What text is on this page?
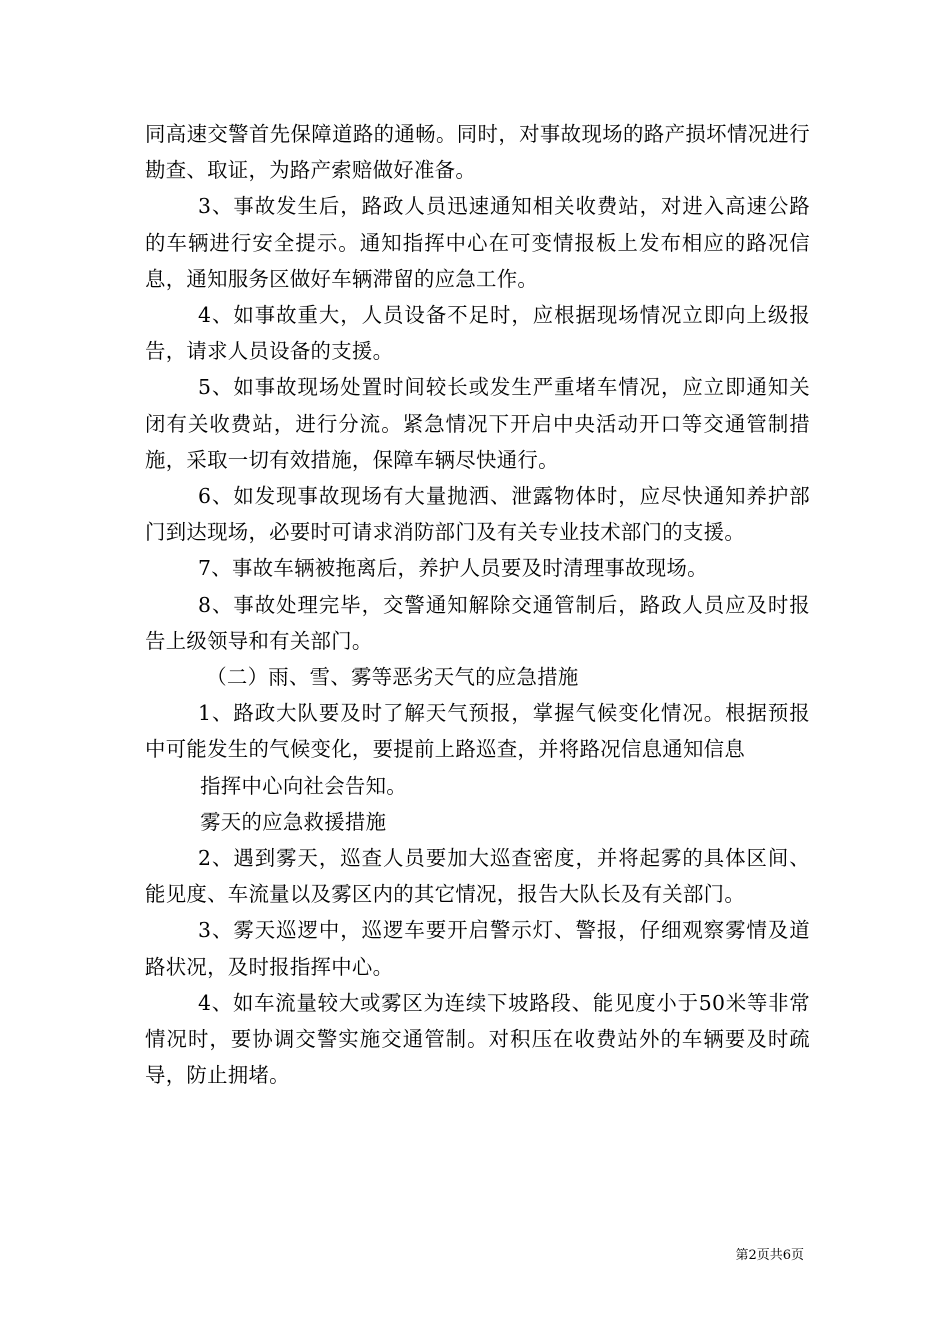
同高速交警首先保障道路的通畅。同时，对事故现场的路产损坏情况进行勘查、取证，为路产索赔做好准备。

3、事故发生后，路政人员迅速通知相关收费站，对进入高速公路的车辆进行安全提示。通知指挥中心在可变情报板上发布相应的路况信息，通知服务区做好车辆滞留的应急工作。

4、如事故重大，人员设备不足时，应根据现场情况立即向上级报告，请求人员设备的支援。

5、如事故现场处置时间较长或发生严重堵车情况，应立即通知关闭有关收费站，进行分流。紧急情况下开启中央活动开口等交通管制措施，采取一切有效措施，保障车辆尽快通行。

6、如发现事故现场有大量抛洒、泄露物体时，应尽快通知养护部门到达现场，必要时可请求消防部门及有关专业技术部门的支援。

7、事故车辆被拖离后，养护人员要及时清理事故现场。

8、事故处理完毕，交警通知解除交通管制后，路政人员应及时报告上级领导和有关部门。

（二）雨、雪、雾等恶劣天气的应急措施

1、路政大队要及时了解天气预报，掌握气候变化情况。根据预报中可能发生的气候变化，要提前上路巡查，并将路况信息通知信息

指挥中心向社会告知。

雾天的应急救援措施

2、遇到雾天，巡查人员要加大巡查密度，并将起雾的具体区间、能见度、车流量以及雾区内的其它情况，报告大队长及有关部门。

3、雾天巡逻中，巡逻车要开启警示灯、警报，仔细观察雾情及道路状况，及时报指挥中心。

4、如车流量较大或雾区为连续下坡路段、能见度小于50米等非常情况时，要协调交警实施交通管制。对积压在收费站外的车辆要及时疏导，防止拥堵。

第2页共6页
